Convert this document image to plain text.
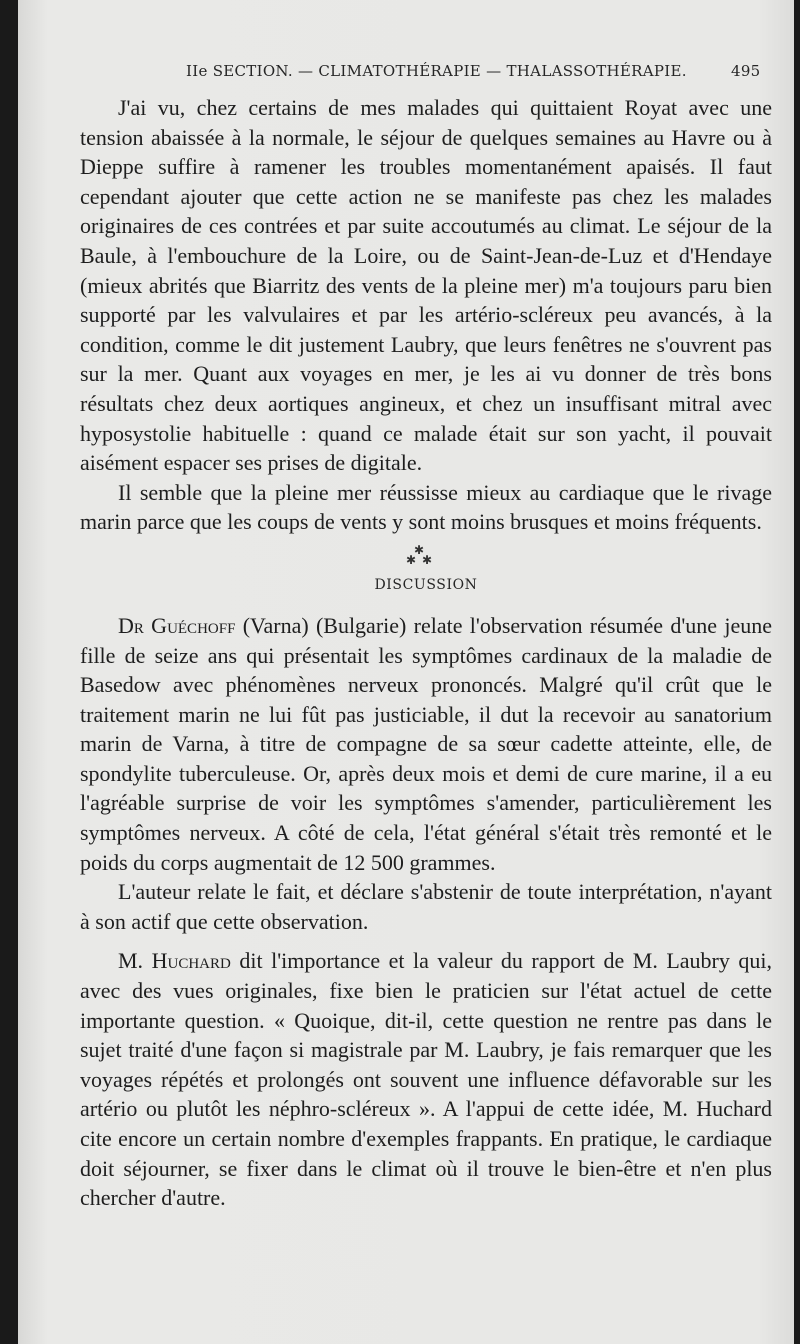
IIe SECTION. — CLIMATOTHÉRAPIE — THALASSOTHÉRAPIE.	495

J'ai vu, chez certains de mes malades qui quittaient Royat avec une tension abaissée à la normale, le séjour de quelques semaines au Havre ou à Dieppe suffire à ramener les troubles momentanément apaisés. Il faut cependant ajouter que cette action ne se manifeste pas chez les malades originaires de ces contrées et par suite accoutumés au climat. Le séjour de la Baule, à l'embouchure de la Loire, ou de Saint-Jean-de-Luz et d'Hendaye (mieux abrités que Biarritz des vents de la pleine mer) m'a toujours paru bien supporté par les valvulaires et par les artério-scléreux peu avancés, à la condition, comme le dit justement Laubry, que leurs fenêtres ne s'ouvrent pas sur la mer. Quant aux voyages en mer, je les ai vu donner de très bons résultats chez deux aortiques angineux, et chez un insuffisant mitral avec hyposystolie habituelle : quand ce malade était sur son yacht, il pouvait aisément espacer ses prises de digitale.

Il semble que la pleine mer réussisse mieux au cardiaque que le rivage marin parce que les coups de vents y sont moins brusques et moins fréquents.

✱
✱ ✱
DISCUSSION

Dr Guéchoff (Varna) (Bulgarie) relate l'observation résumée d'une jeune fille de seize ans qui présentait les symptômes cardinaux de la maladie de Basedow avec phénomènes nerveux prononcés. Malgré qu'il crût que le traitement marin ne lui fût pas justiciable, il dut la recevoir au sanatorium marin de Varna, à titre de compagne de sa sœur cadette atteinte, elle, de spondylite tuberculeuse. Or, après deux mois et demi de cure marine, il a eu l'agréable surprise de voir les symptômes s'amender, particulièrement les symptômes nerveux. A côté de cela, l'état général s'était très remonté et le poids du corps augmentait de 12 500 grammes.

L'auteur relate le fait, et déclare s'abstenir de toute interprétation, n'ayant à son actif que cette observation.

M. Huchard dit l'importance et la valeur du rapport de M. Laubry qui, avec des vues originales, fixe bien le praticien sur l'état actuel de cette importante question. « Quoique, dit-il, cette question ne rentre pas dans le sujet traité d'une façon si magistrale par M. Laubry, je fais remarquer que les voyages répétés et prolongés ont souvent une influence défavorable sur les artério ou plutôt les néphro-scléreux ». A l'appui de cette idée, M. Huchard cite encore un certain nombre d'exemples frappants. En pratique, le cardiaque doit séjourner, se fixer dans le climat où il trouve le bien-être et n'en plus chercher d'autre.
